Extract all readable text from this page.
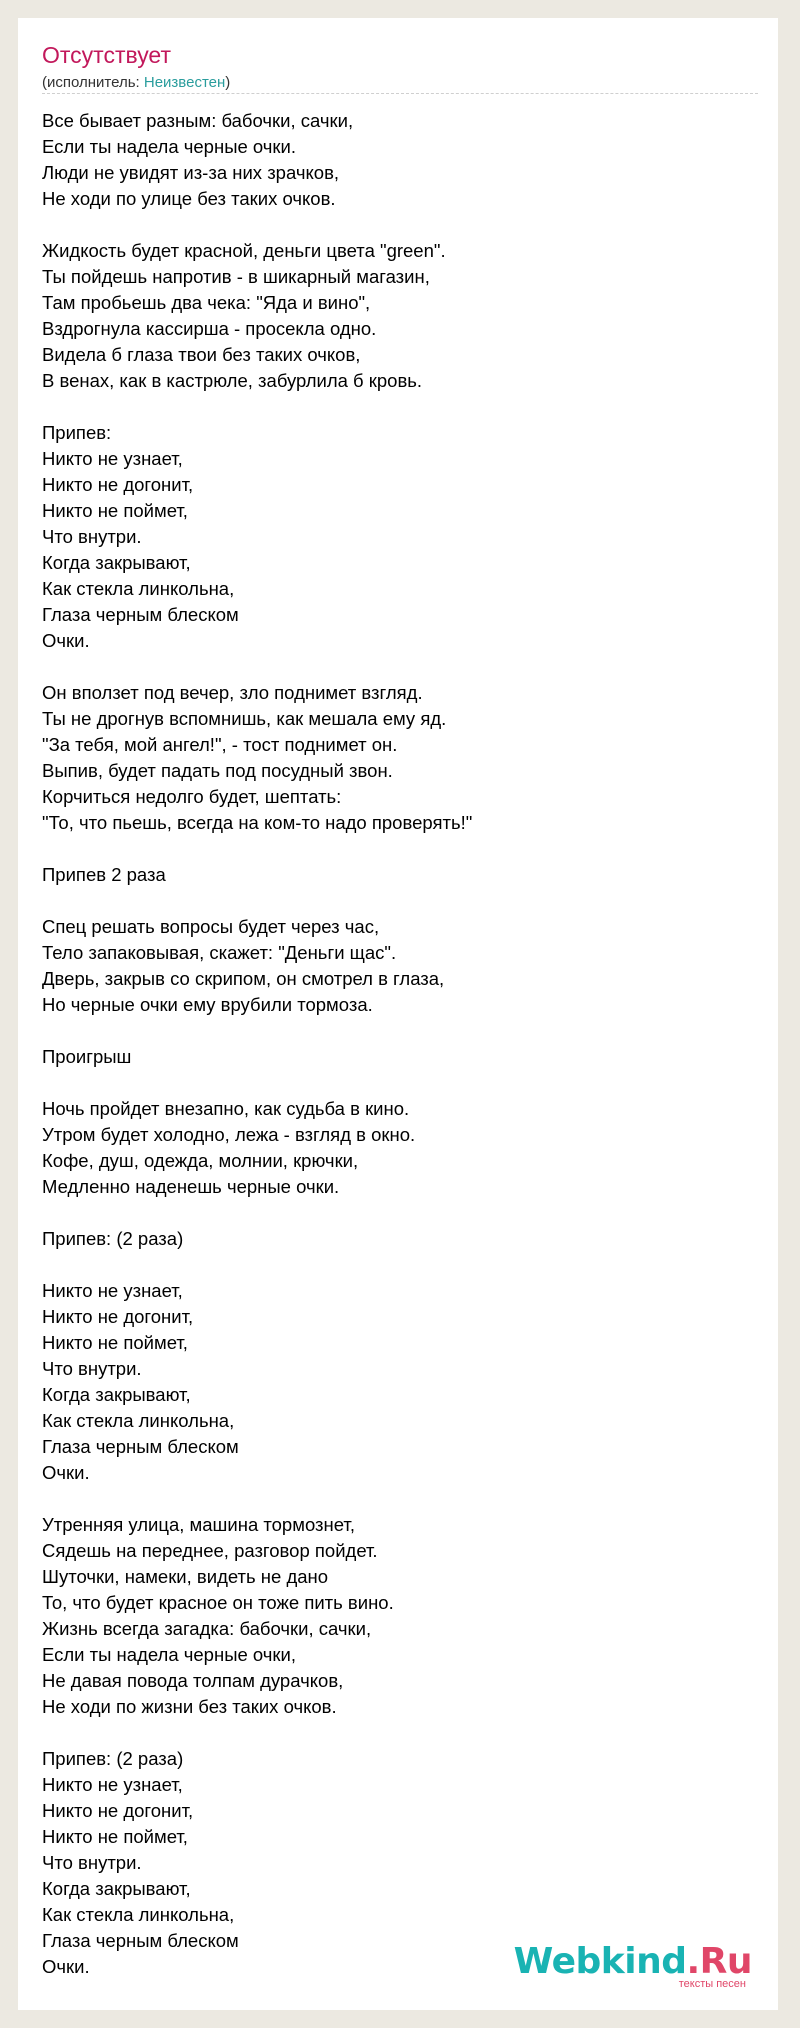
Отсутствует

(исполнитель: Неизвестен)

Все бывает разным: бабочки, сачки,
Если ты надела черные очки.
Люди не увидят из-за них зрачков,
Не ходи по улице без таких очков.
Жидкость будет красной, деньги цвета "green".
Ты пойдешь напротив - в шикарный магазин,
Там пробьешь два чека: "Яда и вино",
Вздрогнула кассирша - просекла одно.
Видела б глаза твои без таких очков,
В венах, как в кастрюле, забурлила б кровь.
Припев:
Никто не узнает,
Никто не догонит,
Никто не поймет,
Что внутри.
Когда закрывают,
Как стекла линкольна,
Глаза черным блеском
Очки.
Он вползет под вечер, зло поднимет взгляд.
Ты не дрогнув вспомнишь, как мешала ему яд.
"За тебя, мой ангел!", - тост поднимет он.
Выпив, будет падать под посудный звон.
Корчиться недолго будет, шептать:
"То, что пьешь, всегда на ком-то надо проверять!"
Припев 2 раза
Спец решать вопросы будет через час,
Тело запаковывая, скажет: "Деньги щас".
Дверь, закрыв со скрипом, он смотрел в глаза,
Но черные очки ему врубили тормоза.
Проигрыш
Ночь пройдет внезапно, как судьба в кино.
Утром будет холодно, лежа - взгляд в окно.
Кофе, душ, одежда, молнии, крючки,
Медленно наденешь черные очки.
Припев: (2 раза)
Никто не узнает,
Никто не догонит,
Никто не поймет,
Что внутри.
Когда закрывают,
Как стекла линкольна,
Глаза черным блеском
Очки.
Утренняя улица, машина тормознет,
Сядешь на переднее, разговор пойдет.
Шуточки, намеки, видеть не дано
То, что будет красное он тоже пить вино.
Жизнь всегда загадка: бабочки, сачки,
Если ты надела черные очки,
Не давая повода толпам дурачков,
Не ходи по жизни без таких очков.
Припев: (2 раза)
Никто не узнает,
Никто не догонит,
Никто не поймет,
Что внутри.
Когда закрывают,
Как стекла линкольна,
Глаза черным блеском
Очки.	Webkind.Ru
тексты песен
